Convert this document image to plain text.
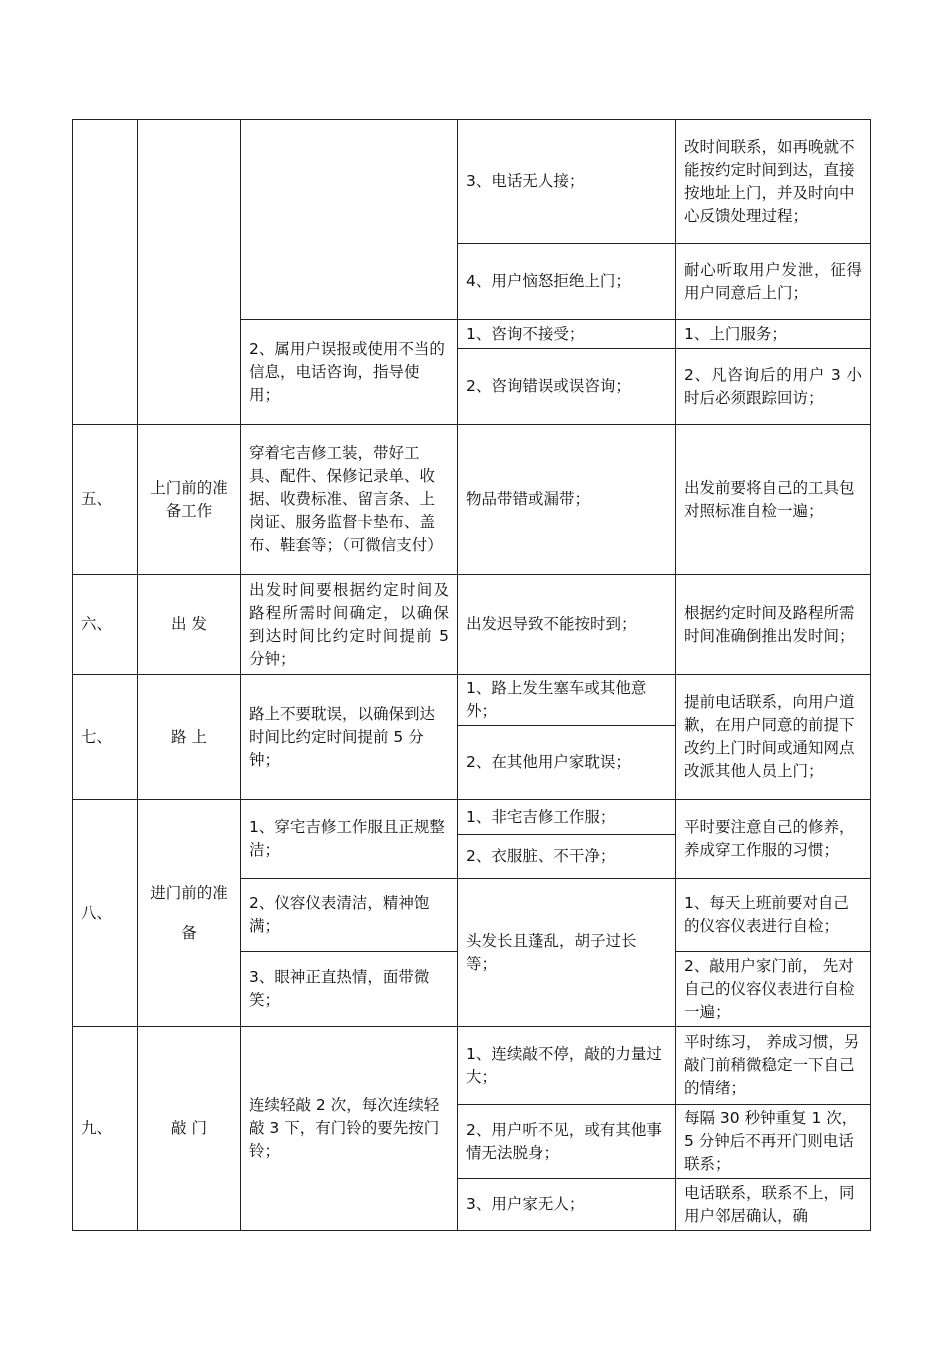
			3、电话无人接；	改时间联系，如再晚就不能按约定时间到达，直接按地址上门，并及时向中心反馈处理过程；
			4、用户恼怒拒绝上门；	耐心听取用户发泄，征得用户同意后上门；
		2、属用户误报或使用不当的信息，电话咨询，指导使用；	1、咨询不接受；	1、上门服务；
			2、咨询错误或误咨询；	2、凡咨询后的用户 3 小时后必须跟踪回访；
五、	上门前的准备工作	穿着宅吉修工装，带好工具、配件、保修记录单、收据、收费标准、留言条、上岗证、服务监督卡垫布、盖布、鞋套等；（可微信支付）	物品带错或漏带；	出发前要将自己的工具包对照标准自检一遍；
六、	出 发	出发时间要根据约定时间及路程所需时间确定，以确保到达时间比约定时间提前 5 分钟；	出发迟导致不能按时到；	根据约定时间及路程所需时间准确倒推出发时间；
七、	路 上	路上不要耽误，以确保到达时间比约定时间提前 5 分钟；	1、路上发生塞车或其他意外；	提前电话联系，向用户道歉，在用户同意的前提下改约上门时间或通知网点改派其他人员上门；
			2、在其他用户家耽误；	
八、	进门前的准备	1、穿宅吉修工作服且正规整洁；	1、非宅吉修工作服；	平时要注意自己的修养，养成穿工作服的习惯；
			2、衣服脏、不干净；	
		2、仪容仪表清洁，精神饱满；	头发长且蓬乱，胡子过长等；	1、每天上班前要对自己的仪容仪表进行自检；
		3、眼神正直热情，面带微笑；		2、敲用户家门前， 先对自己的仪容仪表进行自检一遍；
九、	敲 门	连续轻敲 2 次，每次连续轻敲 3 下，有门铃的要先按门铃；	1、连续敲不停，敲的力量过大；	平时练习， 养成习惯，另敲门前稍微稳定一下自己的情绪；
			2、用户听不见，或有其他事情无法脱身；	每隔 30 秒钟重复 1 次， 5 分钟后不再开门则电话联系；
			3、用户家无人；	电话联系，联系不上，同用户邻居确认，确
